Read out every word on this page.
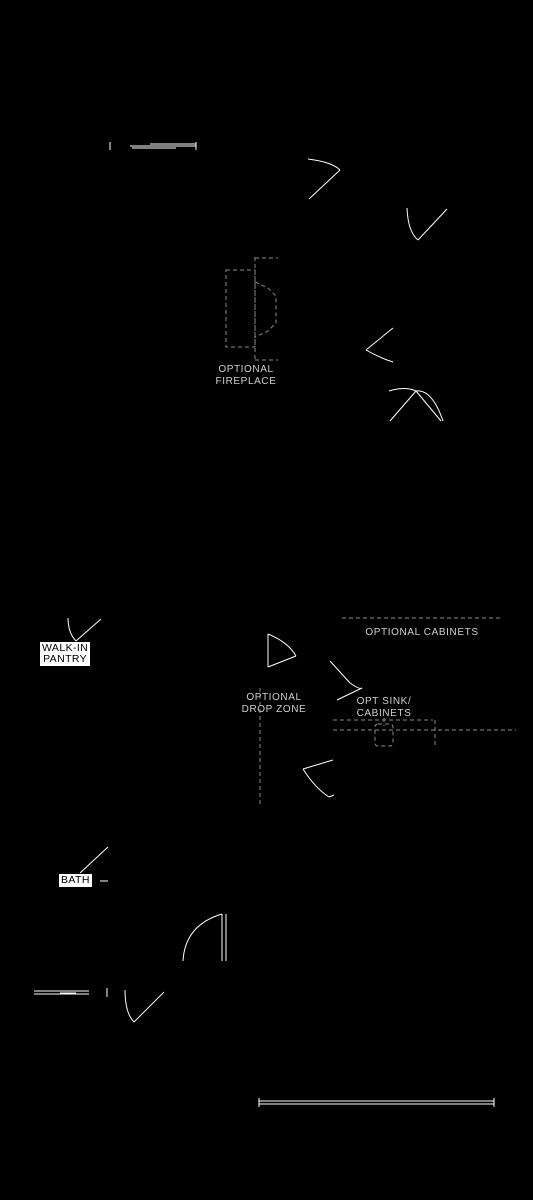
OPTIONAL
FIREPLACE
WALK-IN
PANTRY
OPTIONAL CABINETS
OPTIONAL
DROP ZONE
OPT SINK/
CABINETS
BATH
